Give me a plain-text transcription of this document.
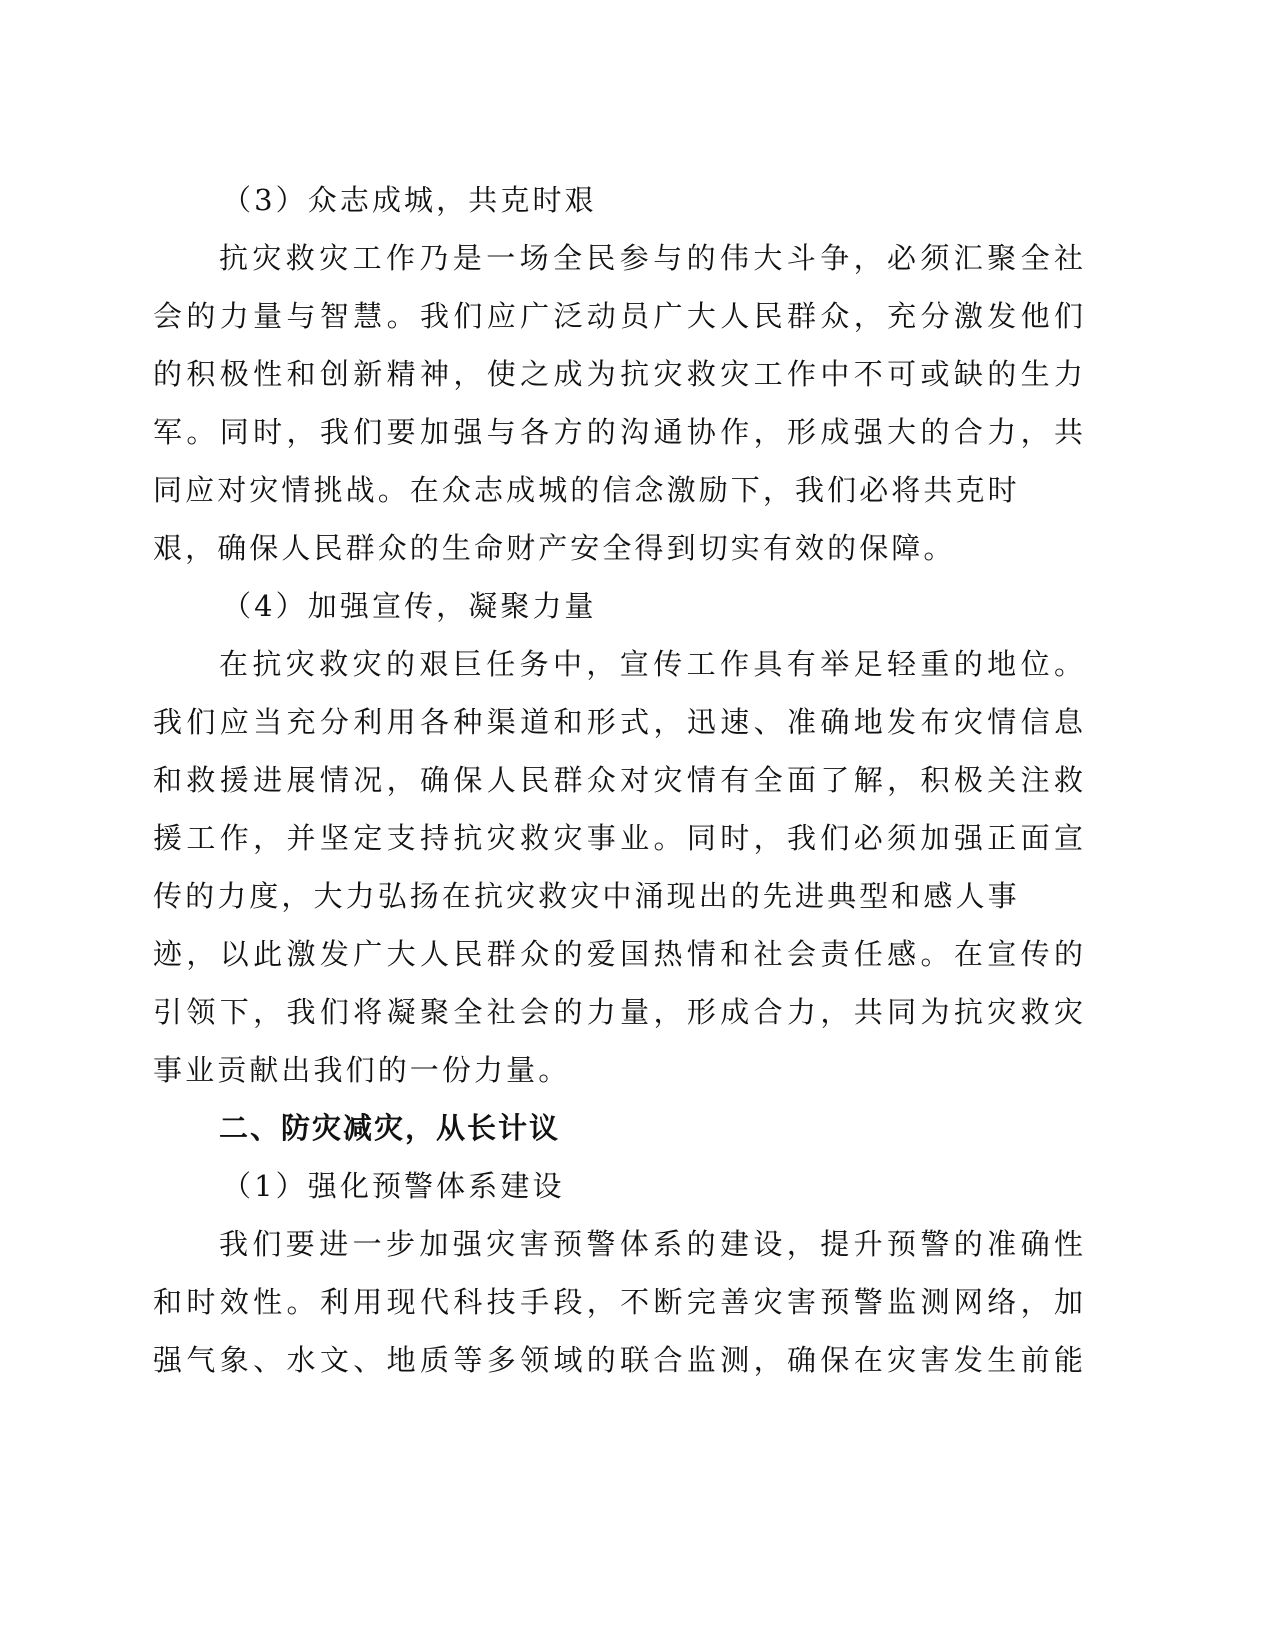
（3）众志成城，共克时艰
抗灾救灾工作乃是一场全民参与的伟大斗争，必须汇聚全社
会的力量与智慧。我们应广泛动员广大人民群众，充分激发他们
的积极性和创新精神，使之成为抗灾救灾工作中不可或缺的生力
军。同时，我们要加强与各方的沟通协作，形成强大的合力，共
同应对灾情挑战。在众志成城的信念激励下，我们必将共克时
艰，确保人民群众的生命财产安全得到切实有效的保障。
（4）加强宣传，凝聚力量
在抗灾救灾的艰巨任务中，宣传工作具有举足轻重的地位。
我们应当充分利用各种渠道和形式，迅速、准确地发布灾情信息
和救援进展情况，确保人民群众对灾情有全面了解，积极关注救
援工作，并坚定支持抗灾救灾事业。同时，我们必须加强正面宣
传的力度，大力弘扬在抗灾救灾中涌现出的先进典型和感人事
迹，以此激发广大人民群众的爱国热情和社会责任感。在宣传的
引领下，我们将凝聚全社会的力量，形成合力，共同为抗灾救灾
事业贡献出我们的一份力量。
二、防灾减灾，从长计议
（1）强化预警体系建设
我们要进一步加强灾害预警体系的建设，提升预警的准确性
和时效性。利用现代科技手段，不断完善灾害预警监测网络，加
强气象、水文、地质等多领域的联合监测，确保在灾害发生前能
